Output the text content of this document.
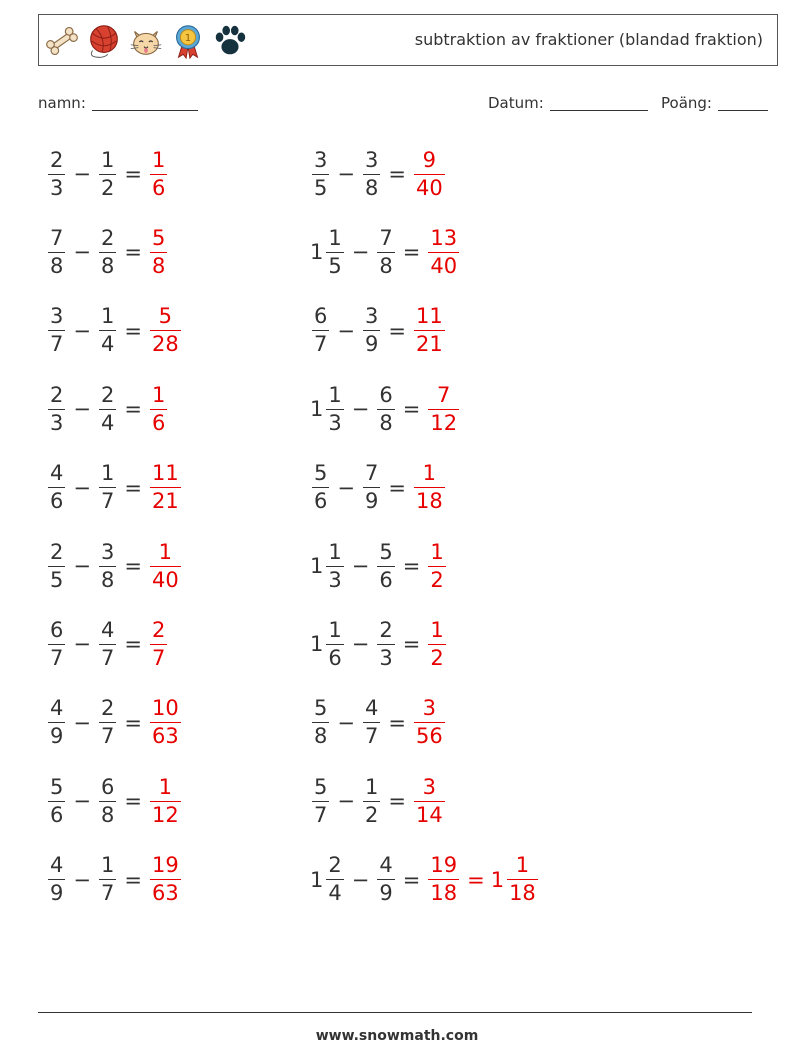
1	subtraktion av fraktioner (blandad fraktion)
namn:	Datum:	Poäng:
$\frac{2}{3} - \frac{1}{2} = \frac{1}{6}$	$\frac{3}{5} - \frac{3}{8} = \frac{9}{40}$
$\frac{7}{8} - \frac{2}{8} = \frac{5}{8}$	$1 \frac{1}{5} - \frac{7}{8} = \frac{13}{40}$
$\frac{3}{7} - \frac{1}{4} = \frac{5}{28}$	$\frac{6}{7} - \frac{3}{9} = \frac{11}{21}$
$\frac{2}{3} - \frac{2}{4} = \frac{1}{6}$	$1 \frac{1}{3} - \frac{6}{8} = \frac{7}{12}$
$\frac{4}{6} - \frac{1}{7} = \frac{11}{21}$	$\frac{5}{6} - \frac{7}{9} = \frac{1}{18}$
$\frac{2}{5} - \frac{3}{8} = \frac{1}{40}$	$1 \frac{1}{3} - \frac{5}{6} = \frac{1}{2}$
$\frac{6}{7} - \frac{4}{7} = \frac{2}{7}$	$1 \frac{1}{6} - \frac{2}{3} = \frac{1}{2}$
$\frac{4}{9} - \frac{2}{7} = \frac{10}{63}$	$\frac{5}{8} - \frac{4}{7} = \frac{3}{56}$
$\frac{5}{6} - \frac{6}{8} = \frac{1}{12}$	$\frac{5}{7} - \frac{1}{2} = \frac{3}{14}$
$\frac{4}{9} - \frac{1}{7} = \frac{19}{63}$	$1 \frac{2}{4} - \frac{4}{9} = \frac{19}{18} = 1 \frac{1}{18}$
www.snowmath.com
